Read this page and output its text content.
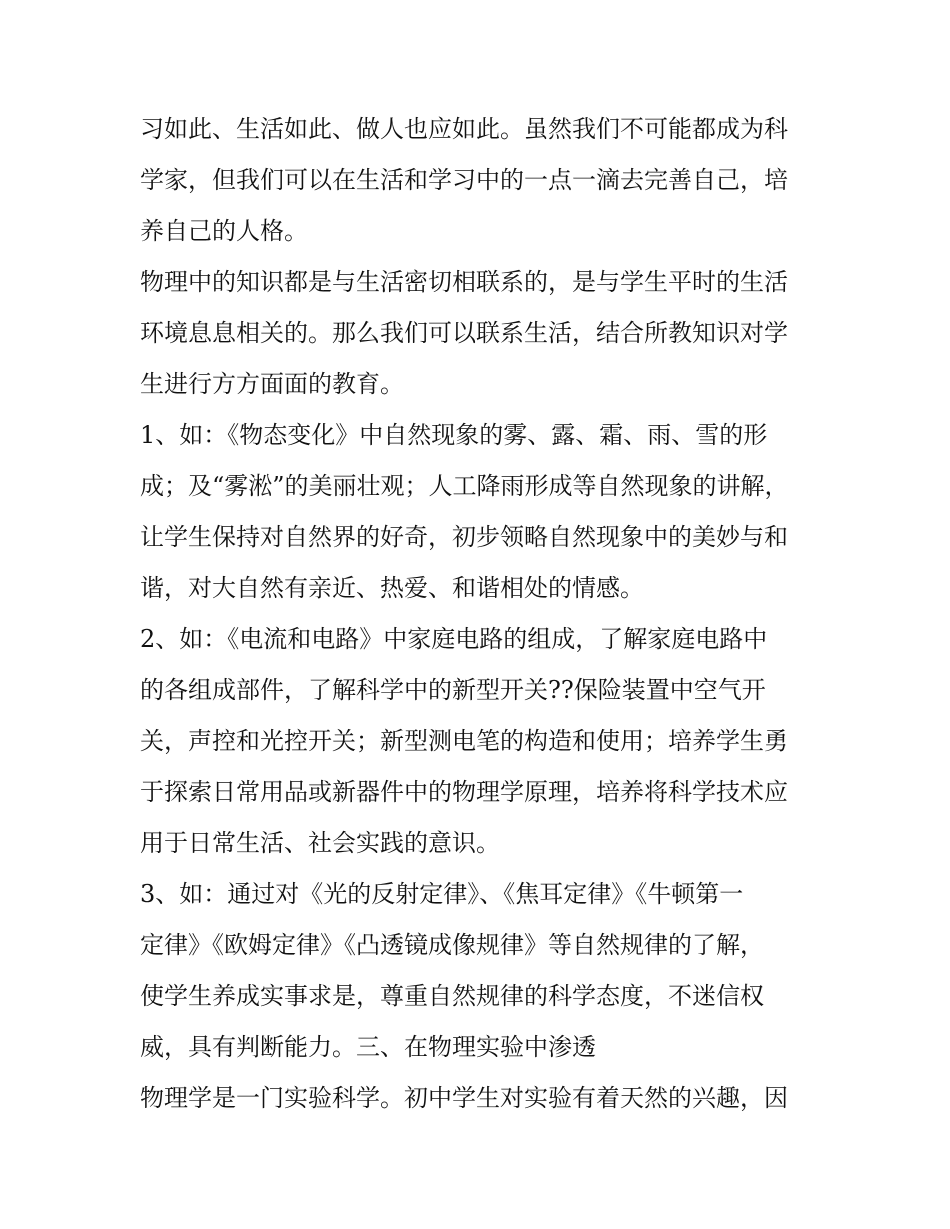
习如此、生活如此、做人也应如此。虽然我们不可能都成为科
学家，但我们可以在生活和学习中的一点一滴去完善自己，培
养自己的人格。
物理中的知识都是与生活密切相联系的，是与学生平时的生活
环境息息相关的。那么我们可以联系生活，结合所教知识对学
生进行方方面面的教育。
1、如：《物态变化》中自然现象的雾、露、霜、雨、雪的形
成；及“雾淞”的美丽壮观；人工降雨形成等自然现象的讲解，
让学生保持对自然界的好奇，初步领略自然现象中的美妙与和
谐，对大自然有亲近、热爱、和谐相处的情感。
2、如：《电流和电路》中家庭电路的组成，了解家庭电路中
的各组成部件，了解科学中的新型开关??保险装置中空气开
关，声控和光控开关；新型测电笔的构造和使用；培养学生勇
于探索日常用品或新器件中的物理学原理，培养将科学技术应
用于日常生活、社会实践的意识。
3、如：通过对《光的反射定律》、《焦耳定律》《牛顿第一
定律》《欧姆定律》《凸透镜成像规律》等自然规律的了解，
使学生养成实事求是，尊重自然规律的科学态度，不迷信权
威，具有判断能力。三、在物理实验中渗透
物理学是一门实验科学。初中学生对实验有着天然的兴趣，因
